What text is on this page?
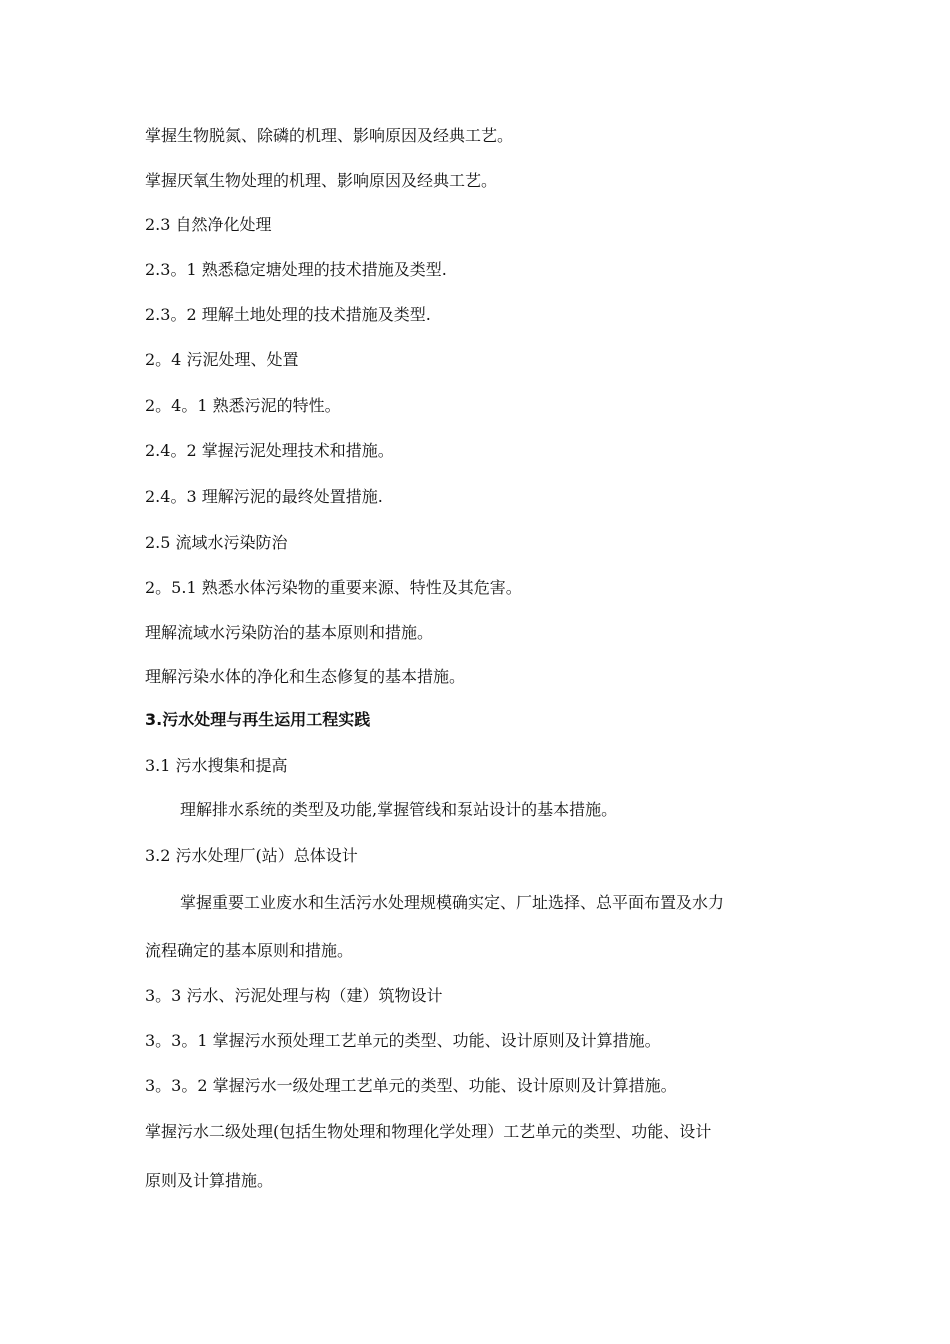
掌握生物脱氮、除磷的机理、影响原因及经典工艺。
掌握厌氧生物处理的机理、影响原因及经典工艺。
2.3 自然净化处理
2.3。1 熟悉稳定塘处理的技术措施及类型.
2.3。2 理解土地处理的技术措施及类型.
2。4 污泥处理、处置
2。4。1 熟悉污泥的特性。
2.4。2 掌握污泥处理技术和措施。
2.4。3 理解污泥的最终处置措施.
2.5 流域水污染防治
2。5.1 熟悉水体污染物的重要来源、特性及其危害。
理解流域水污染防治的基本原则和措施。
理解污染水体的净化和生态修复的基本措施。
3.污水处理与再生运用工程实践
3.1 污水搜集和提高
理解排水系统的类型及功能,掌握管线和泵站设计的基本措施。
3.2 污水处理厂(站）总体设计
掌握重要工业废水和生活污水处理规模确实定、厂址选择、总平面布置及水力
流程确定的基本原则和措施。
3。3 污水、污泥处理与构（建）筑物设计
3。3。1 掌握污水预处理工艺单元的类型、功能、设计原则及计算措施。
3。3。2 掌握污水一级处理工艺单元的类型、功能、设计原则及计算措施。
掌握污水二级处理(包括生物处理和物理化学处理）工艺单元的类型、功能、设计
原则及计算措施。
